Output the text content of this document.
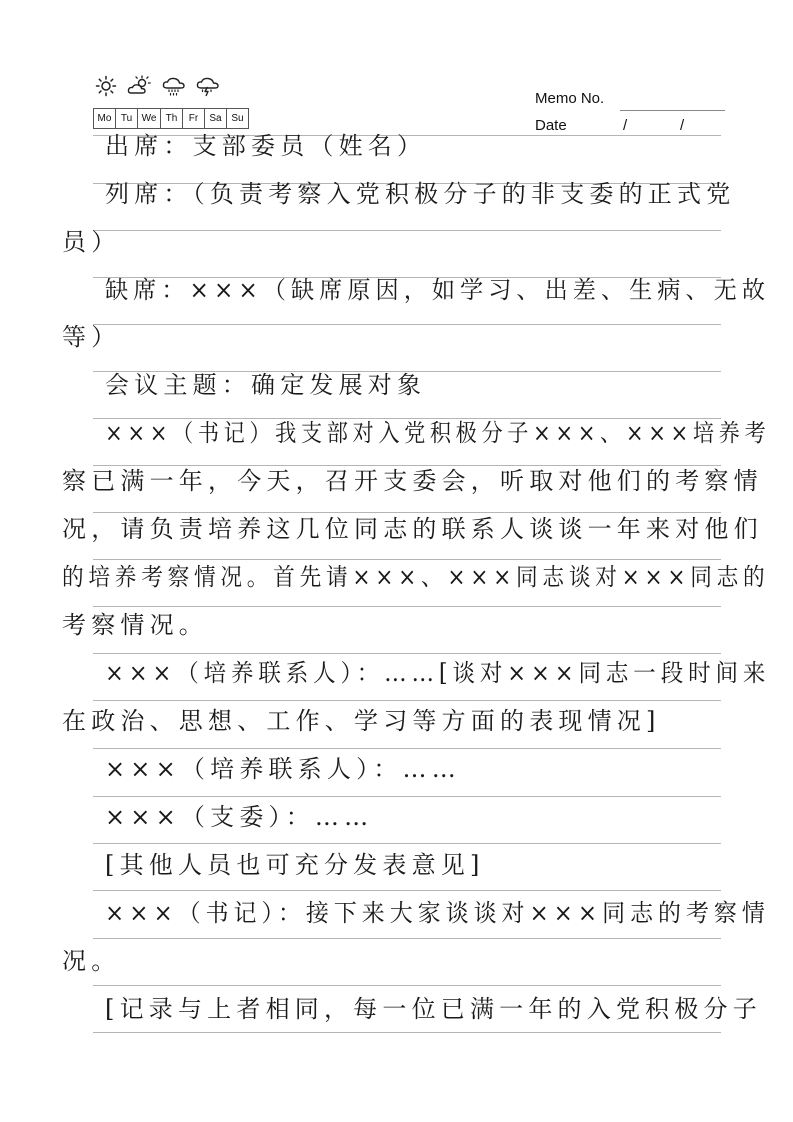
Mo Tu We Th	Fr	Sa Su
Memo No.
Date	/	/
出席：支部委员（姓名）
列席：（负责考察入党积极分子的非支委的正式党
员）
缺席：×××（缺席原因，如学习、出差、生病、无故
等）
会议主题：确定发展对象
×××（书记）我支部对入党积极分子×××、×××培养考
察已满一年，今天，召开支委会，听取对他们的考察情
况，请负责培养这几位同志的联系人谈谈一年来对他们
的培养考察情况。首先请×××、×××同志谈对×××同志的
考察情况。
×××（培养联系人）：……[谈对×××同志一段时间来
在政治、思想、工作、学习等方面的表现情况]
×××（培养联系人）：……
×××（支委）：……
[其他人员也可充分发表意见]
×××（书记）：接下来大家谈谈对×××同志的考察情
况。
[记录与上者相同，每一位已满一年的入党积极分子
